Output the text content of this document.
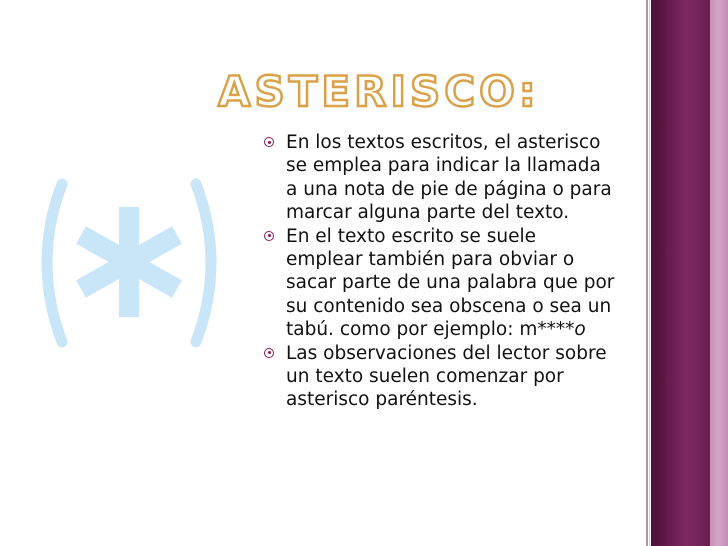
ASTERISCO:
En los textos escritos, el asterisco se emplea para indicar la llamada a una nota de pie de página o para marcar alguna parte del texto.
En el texto escrito se suele emplear también para obviar o sacar parte de una palabra que por su contenido sea obscena o sea un tabú. como por ejemplo: m****o
Las observaciones del lector sobre un texto suelen comenzar por asterisco paréntesis.
